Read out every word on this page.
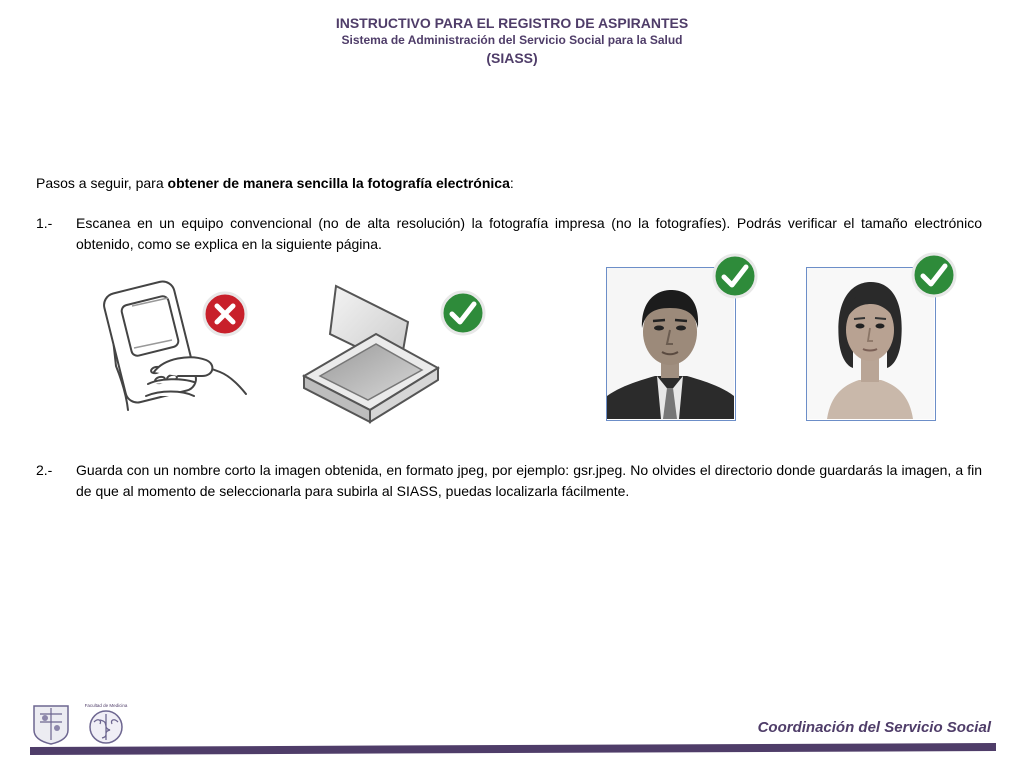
INSTRUCTIVO PARA EL REGISTRO DE ASPIRANTES
Sistema de Administración del Servicio Social para la Salud
(SIASS)
Pasos a seguir, para obtener de manera sencilla la fotografía electrónica:
1.-	Escanea en un equipo convencional (no de alta resolución) la fotografía impresa (no la fotografíes). Podrás verificar el tamaño electrónico obtenido, como se explica en la siguiente página.
2.-	Guarda con un nombre corto la imagen obtenida, en formato jpeg, por ejemplo: gsr.jpeg. No olvides el directorio donde guardarás la imagen, a fin de que al momento de seleccionarla para subirla al SIASS, puedas localizarla fácilmente.
Facultad de Medicina
Coordinación del Servicio Social
